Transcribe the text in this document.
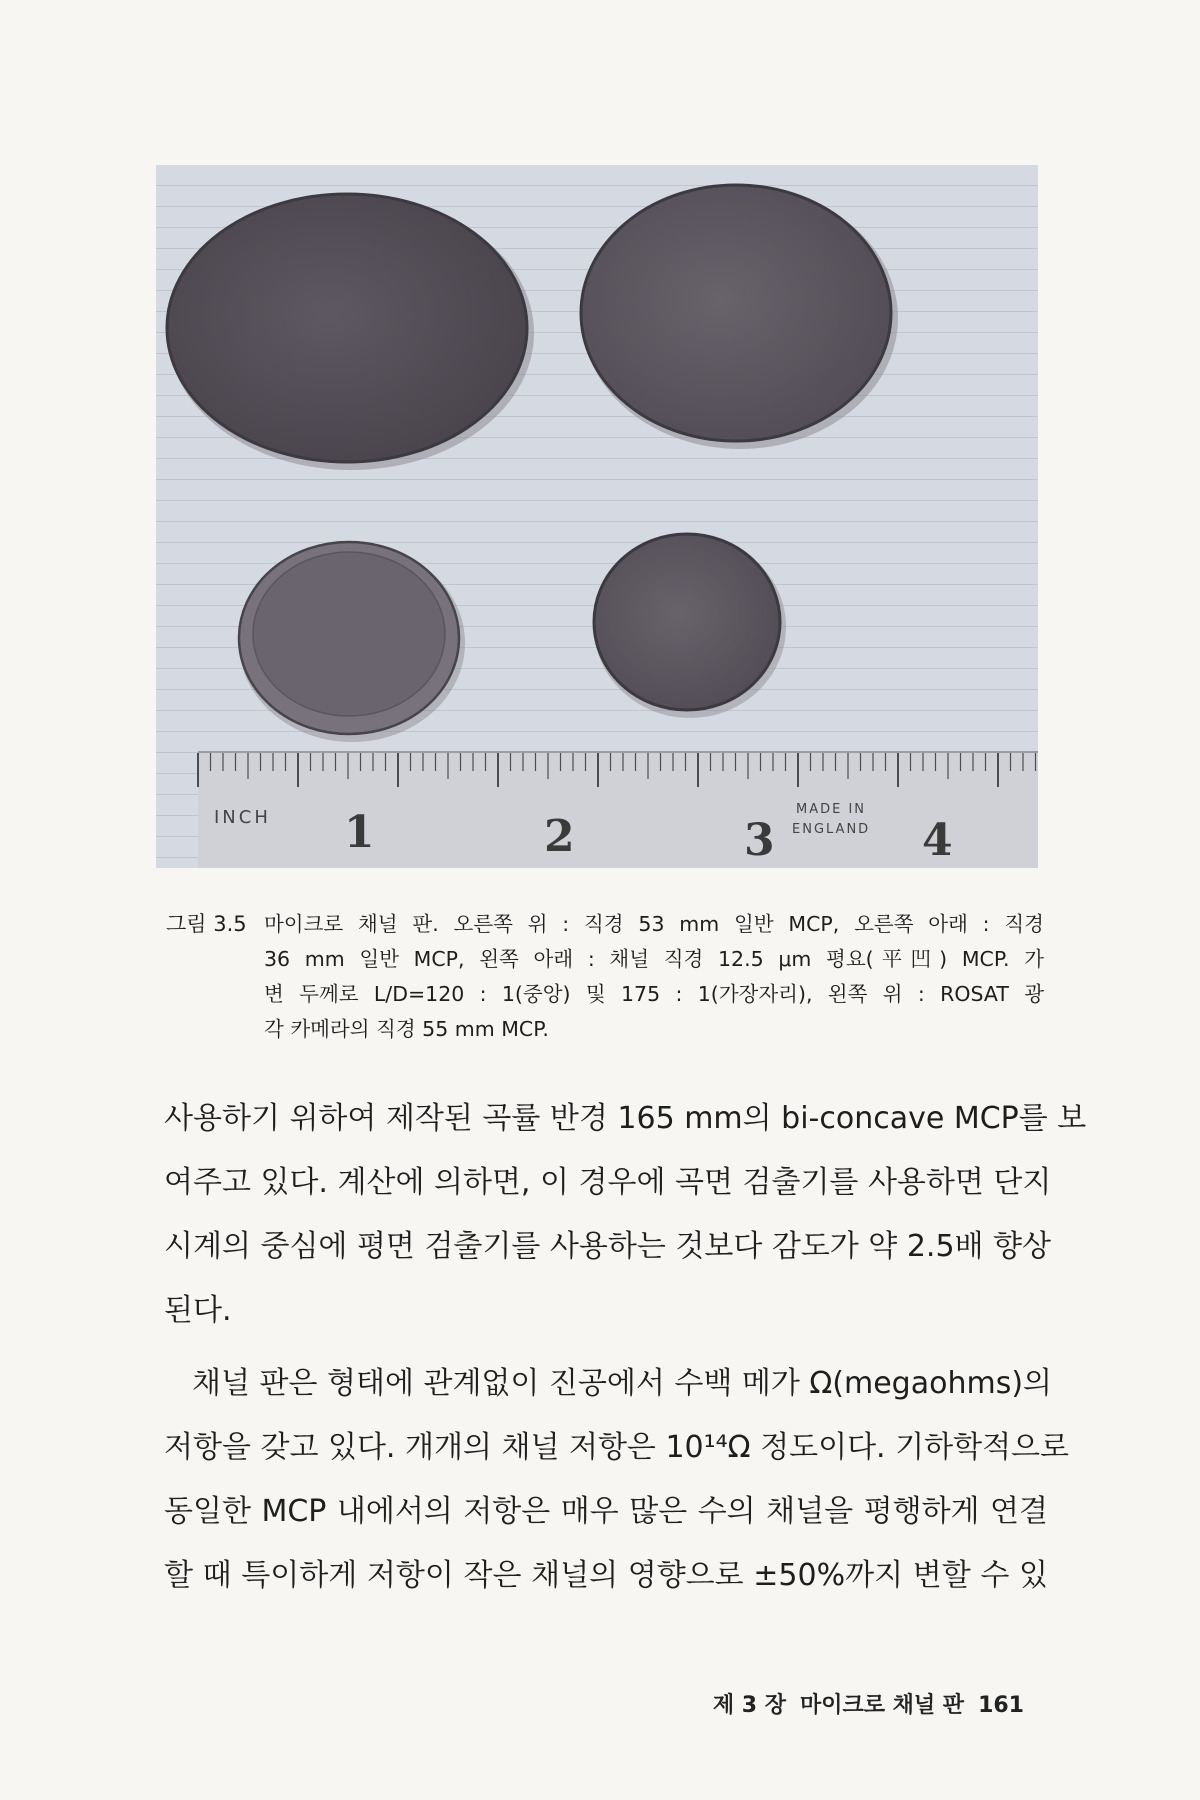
INCH 1	2	3
MADE IN
ENGLAND 4
그림 3.5 마이크로 채널 판. 오른쪽 위 : 직경 53 mm 일반 MCP, 오른쪽 아래 : 직경
36 mm 일반 MCP, 왼쪽 아래 : 채널 직경 12.5 μm 평요(平凹) MCP. 가
변 두께로 L/D=120 : 1(중앙) 및 175 : 1(가장자리), 왼쪽 위 : ROSAT 광
각 카메라의 직경 55 mm MCP.
사용하기 위하여 제작된 곡률 반경 165 mm의 bi-concave MCP를 보
여주고 있다. 계산에 의하면, 이 경우에 곡면 검출기를 사용하면 단지
시계의 중심에 평면 검출기를 사용하는 것보다 감도가 약 2.5배 향상
된다.
채널 판은 형태에 관계없이 진공에서 수백 메가 Ω(megaohms)의
저항을 갖고 있다. 개개의 채널 저항은 10¹⁴Ω 정도이다. 기하학적으로
동일한 MCP 내에서의 저항은 매우 많은 수의 채널을 평행하게 연결
할 때 특이하게 저항이 작은 채널의 영향으로 ±50%까지 변할 수 있
제 3 장 마이크로 채널 판 161
